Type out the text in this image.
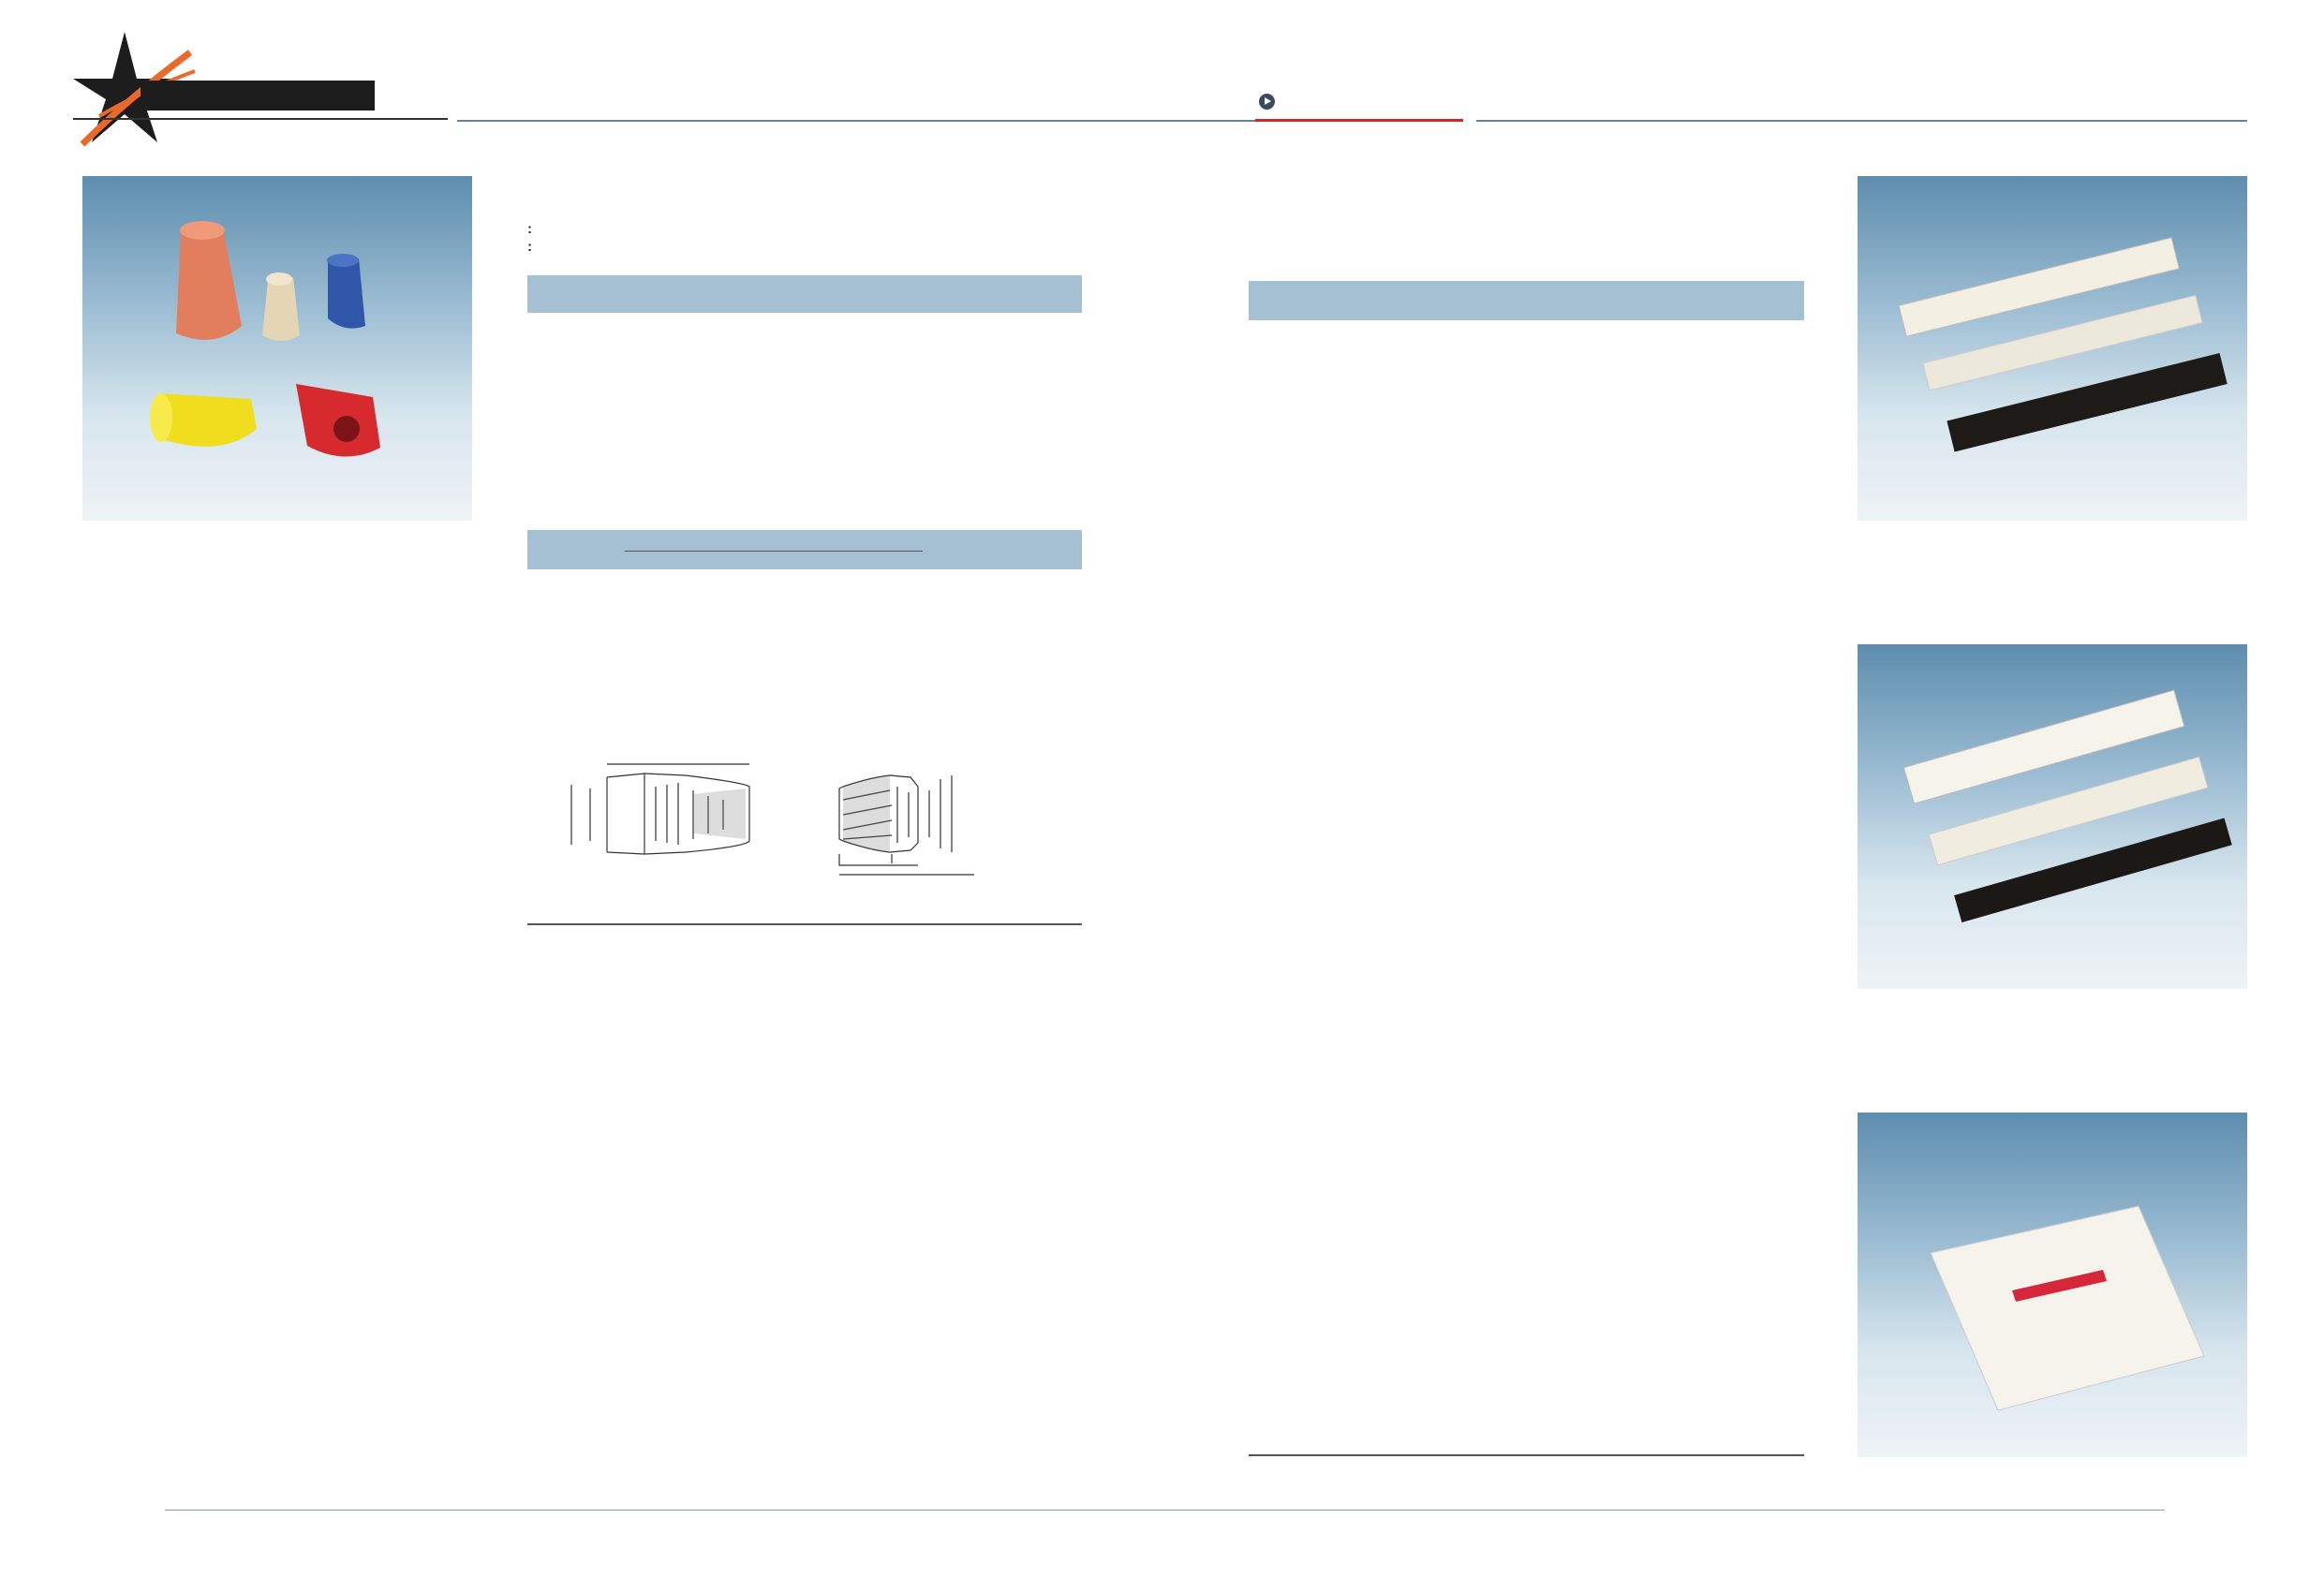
:
:
